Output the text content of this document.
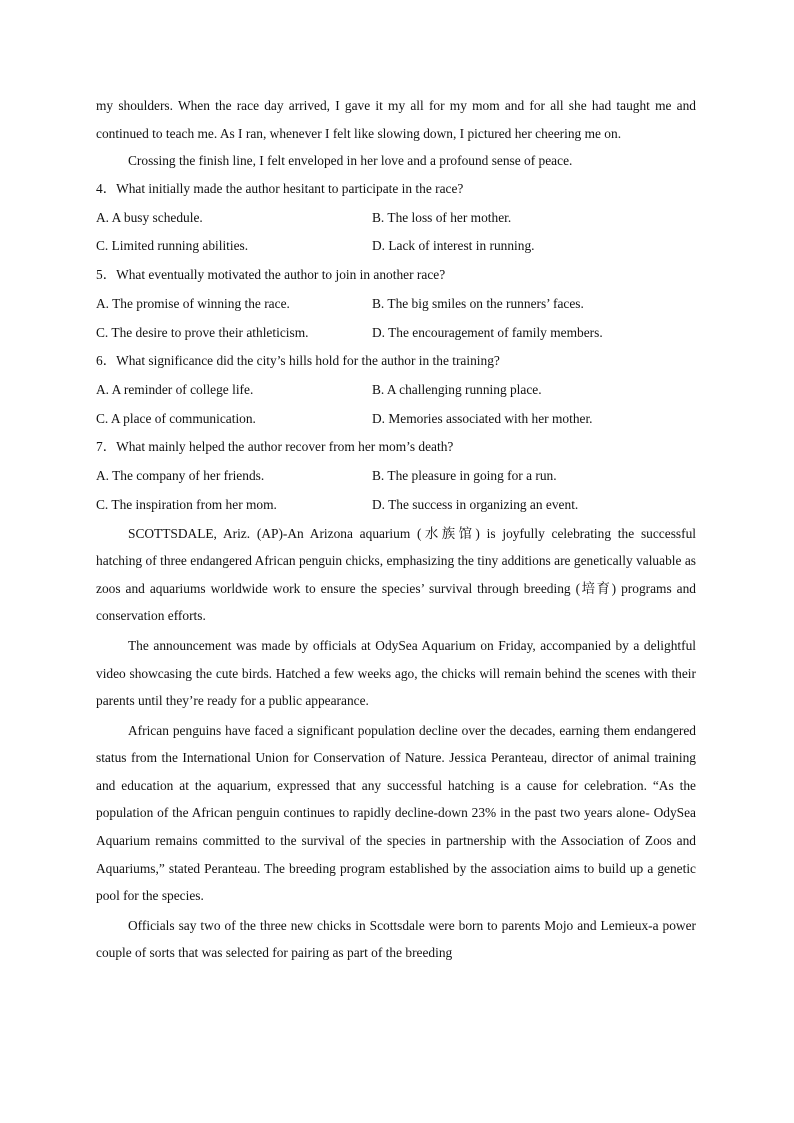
my shoulders. When the race day arrived, I gave it my all for my mom and for all she had taught me and continued to teach me. As I ran, whenever I felt like slowing down, I pictured her cheering me on.

Crossing the finish line, I felt enveloped in her love and a profound sense of peace.

4．What initially made the author hesitant to participate in the race?

A. A busy schedule.	B. The loss of her mother.
C. Limited running abilities.	D. Lack of interest in running.

5．What eventually motivated the author to join in another race?

A. The promise of winning the race.	B. The big smiles on the runners’ faces.
C. The desire to prove their athleticism.	D. The encouragement of family members.

6．What significance did the city’s hills hold for the author in the training?

A. A reminder of college life.	B. A challenging running place.
C. A place of communication.	D. Memories associated with her mother.

7．What mainly helped the author recover from her mom’s death?

A. The company of her friends.	B. The pleasure in going for a run.
C. The inspiration from her mom.	D. The success in organizing an event.

SCOTTSDALE, Ariz. (AP)-An Arizona aquarium (水族馆) is joyfully celebrating the successful hatching of three endangered African penguin chicks, emphasizing the tiny additions are genetically valuable as zoos and aquariums worldwide work to ensure the species’ survival through breeding (培育) programs and conservation efforts.

The announcement was made by officials at OdySea Aquarium on Friday, accompanied by a delightful video showcasing the cute birds. Hatched a few weeks ago, the chicks will remain behind the scenes with their parents until they’re ready for a public appearance.

African penguins have faced a significant population decline over the decades, earning them endangered status from the International Union for Conservation of Nature. Jessica Peranteau, director of animal training and education at the aquarium, expressed that any successful hatching is a cause for celebration. “As the population of the African penguin continues to rapidly decline-down 23% in the past two years alone- OdySea Aquarium remains committed to the survival of the species in partnership with the Association of Zoos and Aquariums,” stated Peranteau. The breeding program established by the association aims to build up a genetic pool for the species.

Officials say two of the three new chicks in Scottsdale were born to parents Mojo and Lemieux-a power couple of sorts that was selected for pairing as part of the breeding
